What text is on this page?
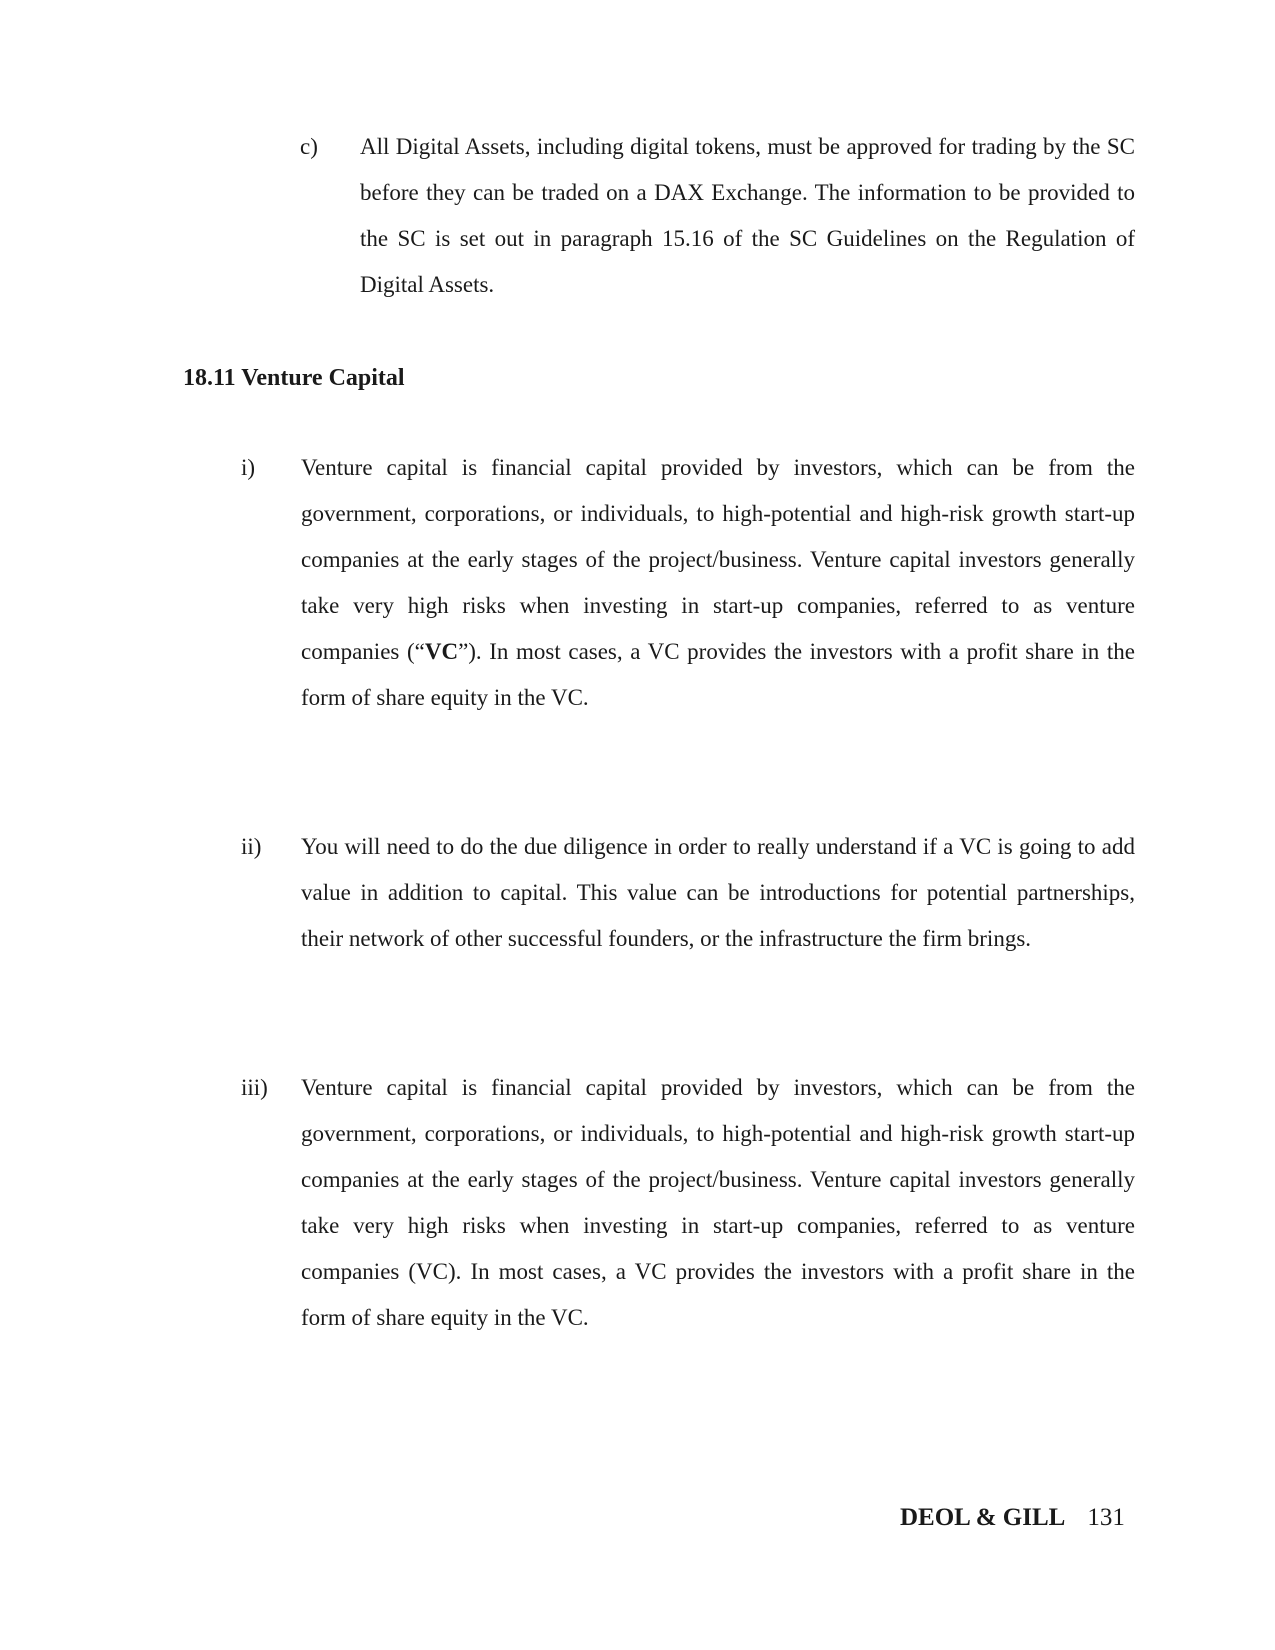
c) All Digital Assets, including digital tokens, must be approved for trading by the SC before they can be traded on a DAX Exchange. The information to be provided to the SC is set out in paragraph 15.16 of the SC Guidelines on the Regulation of Digital Assets.
18.11 Venture Capital
i) Venture capital is financial capital provided by investors, which can be from the government, corporations, or individuals, to high-potential and high-risk growth start-up companies at the early stages of the project/business. Venture capital investors generally take very high risks when investing in start-up companies, referred to as venture companies (“VC”). In most cases, a VC provides the investors with a profit share in the form of share equity in the VC.
ii) You will need to do the due diligence in order to really understand if a VC is going to add value in addition to capital. This value can be introductions for potential partnerships, their network of other successful founders, or the infrastructure the firm brings.
iii) Venture capital is financial capital provided by investors, which can be from the government, corporations, or individuals, to high-potential and high-risk growth start-up companies at the early stages of the project/business. Venture capital investors generally take very high risks when investing in start-up companies, referred to as venture companies (VC). In most cases, a VC provides the investors with a profit share in the form of share equity in the VC.
DEOL & GILL 131
